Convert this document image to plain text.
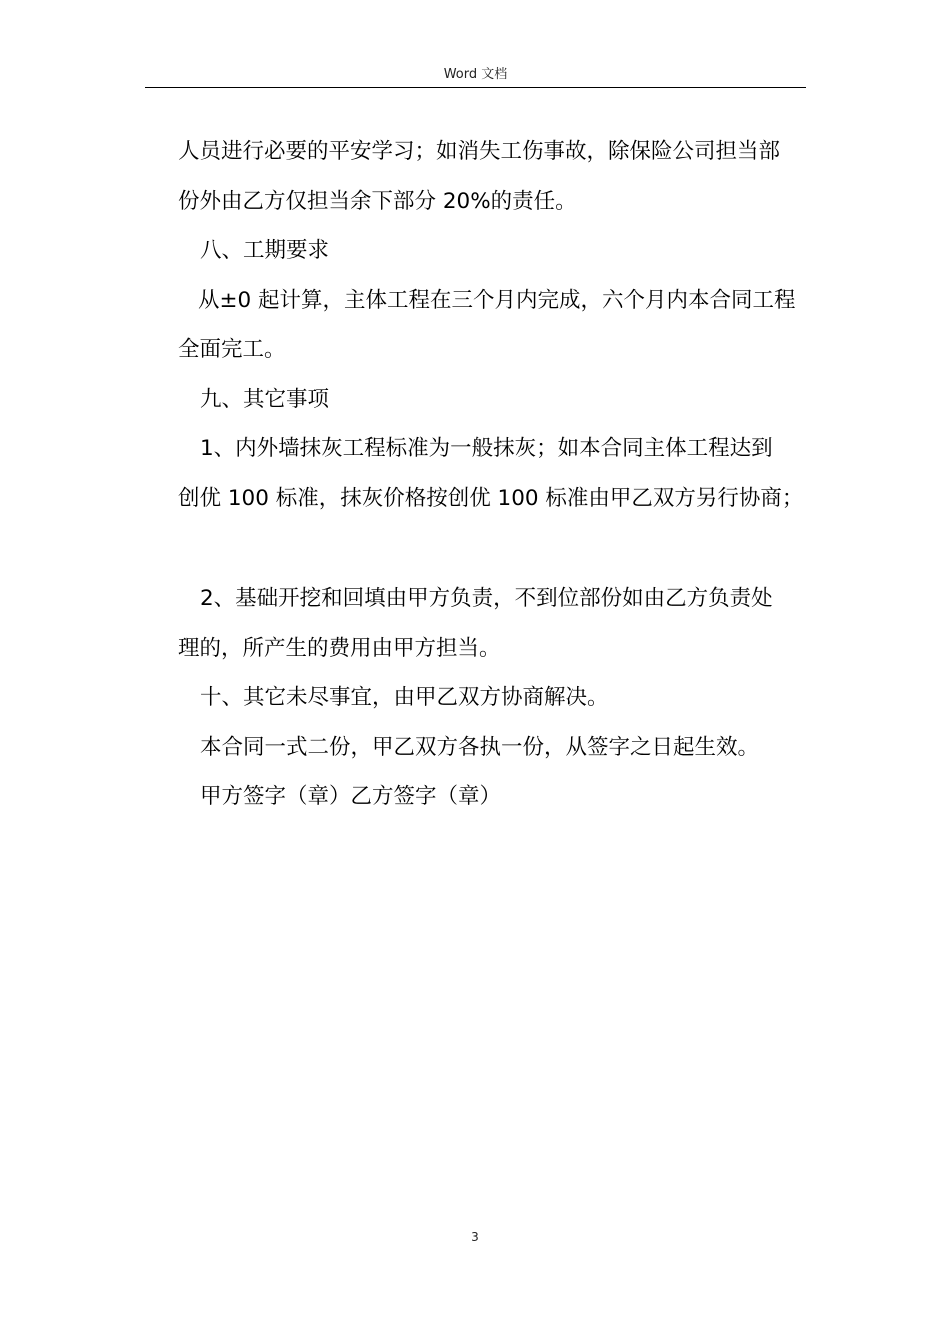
Word 文档
人员进行必要的平安学习；如消失工伤事故，除保险公司担当部
份外由乙方仅担当余下部分 20%的责任。
八、工期要求
从±0 起计算，主体工程在三个月内完成，六个月内本合同工程
全面完工。
九、其它事项
1、内外墙抹灰工程标准为一般抹灰；如本合同主体工程达到
创优 100 标准，抹灰价格按创优 100 标准由甲乙双方另行协商；
2、基础开挖和回填由甲方负责，不到位部份如由乙方负责处
理的，所产生的费用由甲方担当。
十、其它未尽事宜，由甲乙双方协商解决。
本合同一式二份，甲乙双方各执一份，从签字之日起生效。
甲方签字（章）乙方签字（章）
3
